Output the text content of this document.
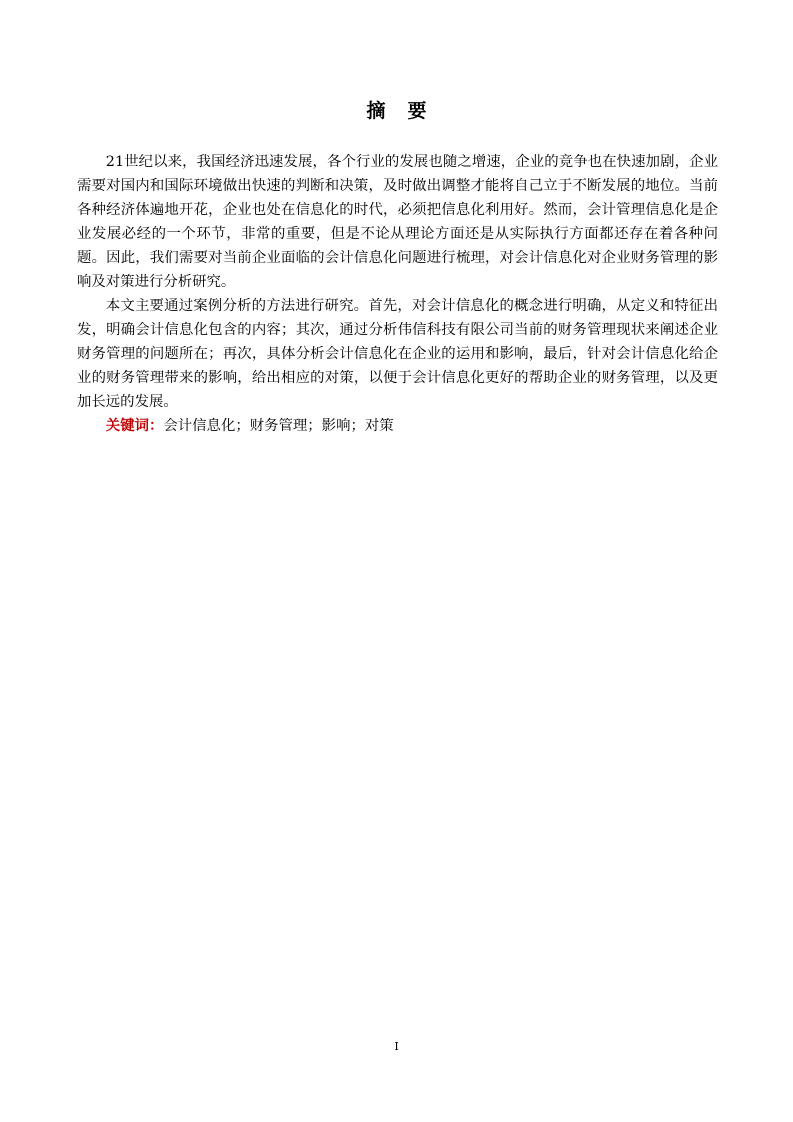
摘要

21世纪以来，我国经济迅速发展，各个行业的发展也随之增速，企业的竞争也在快速加剧，企业需要对国内和国际环境做出快速的判断和决策，及时做出调整才能将自己立于不断发展的地位。当前各种经济体遍地开花，企业也处在信息化的时代，必须把信息化利用好。然而，会计管理信息化是企业发展必经的一个环节，非常的重要，但是不论从理论方面还是从实际执行方面都还存在着各种问题。因此，我们需要对当前企业面临的会计信息化问题进行梳理，对会计信息化对企业财务管理的影响及对策进行分析研究。

本文主要通过案例分析的方法进行研究。首先，对会计信息化的概念进行明确，从定义和特征出发，明确会计信息化包含的内容；其次，通过分析伟信科技有限公司当前的财务管理现状来阐述企业财务管理的问题所在；再次，具体分析会计信息化在企业的运用和影响，最后，针对会计信息化给企业的财务管理带来的影响，给出相应的对策，以便于会计信息化更好的帮助企业的财务管理，以及更加长远的发展。

关键词：会计信息化；财务管理；影响；对策

I
